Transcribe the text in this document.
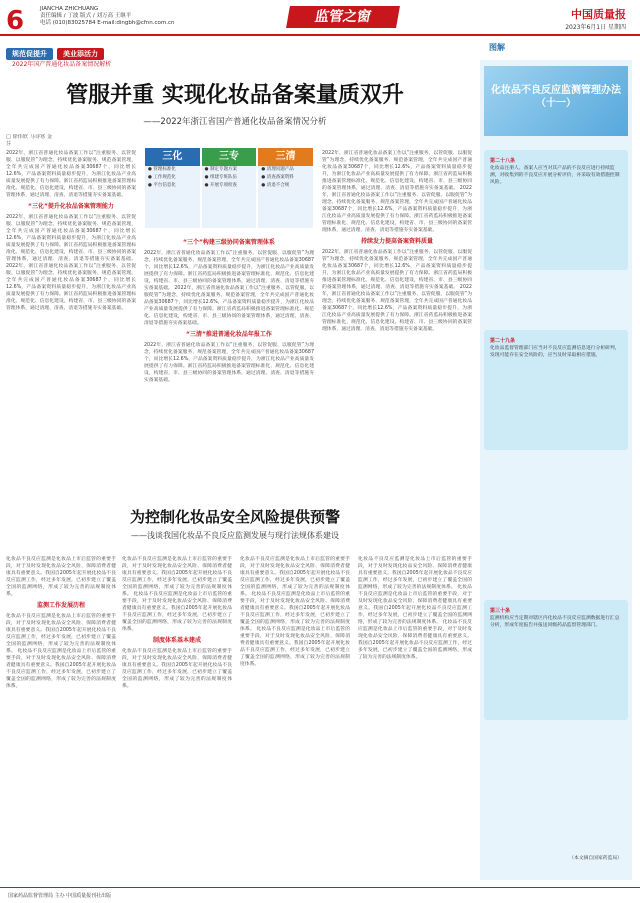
6	JIANCHA ZHICHUANG
责任编辑 / 丁波 版式 / 刘万高 王继平
电话 (010)83025784 E-mail:dingbh@cfnn.com.cn	监管之窗	中国质量报
2023年6月1日 星期四
规范促提升 美业添活力
2022年国产普通化妆品备案情况解析
管服并重 实现化妆品备案量质双升
——2022年浙江省国产普通化妆品备案情况分析
□ 徐伟欣 马诗寒 金芬
2022年，浙江省普通化妆品备案工作以“注重服务、以管促服、以服促管”为理念，持续优化备案服务、规范备案管理，全年共完成国产普通化妆品备案30687个，同比增长12.6%，产品备案资料质量稳步提升，为浙江化妆品产业高质量发展提供了有力保障。浙江省药监局积极推进备案管理标准化、规范化、信息化建设，构建省、市、县三级协同的备案管理体系，通过清理、清查、清退等措施夯实备案基础。
“三化”提升化妆品备案管理能力
2022年，浙江省普通化妆品备案工作以“注重服务、以管促服、以服促管”为理念，持续优化备案服务、规范备案管理，全年共完成国产普通化妆品备案30687个，同比增长12.6%，产品备案资料质量稳步提升，为浙江化妆品产业高质量发展提供了有力保障。浙江省药监局积极推进备案管理标准化、规范化、信息化建设，构建省、市、县三级协同的备案管理体系，通过清理、清查、清退等措施夯实备案基础。 2022年，浙江省普通化妆品备案工作以“注重服务、以管促服、以服促管”为理念，持续优化备案服务、规范备案管理，全年共完成国产普通化妆品备案30687个，同比增长12.6%，产品备案资料质量稳步提升，为浙江化妆品产业高质量发展提供了有力保障。浙江省药监局积极推进备案管理标准化、规范化、信息化建设，构建省、市、县三级协同的备案管理体系，通过清理、清查、清退等措施夯实备案基础。
三化
● 管理标准化
● 工作规范化
● 平台信息化
三专
● 制定专题方案
● 组建专班队伍
● 开展专项检查
三清
● 清理问题产品
● 清查备案资料
● 清退不合规
“三个”构建三级协同备案管理体系
2022年，浙江省普通化妆品备案工作以“注重服务、以管促服、以服促管”为理念，持续优化备案服务、规范备案管理，全年共完成国产普通化妆品备案30687个，同比增长12.6%，产品备案资料质量稳步提升，为浙江化妆品产业高质量发展提供了有力保障。浙江省药监局积极推进备案管理标准化、规范化、信息化建设，构建省、市、县三级协同的备案管理体系，通过清理、清查、清退等措施夯实备案基础。 2022年，浙江省普通化妆品备案工作以“注重服务、以管促服、以服促管”为理念，持续优化备案服务、规范备案管理，全年共完成国产普通化妆品备案30687个，同比增长12.6%，产品备案资料质量稳步提升，为浙江化妆品产业高质量发展提供了有力保障。浙江省药监局积极推进备案管理标准化、规范化、信息化建设，构建省、市、县三级协同的备案管理体系，通过清理、清查、清退等措施夯实备案基础。
“三清”推进普通化妆品年报工作
2022年，浙江省普通化妆品备案工作以“注重服务、以管促服、以服促管”为理念，持续优化备案服务、规范备案管理，全年共完成国产普通化妆品备案30687个，同比增长12.6%，产品备案资料质量稳步提升，为浙江化妆品产业高质量发展提供了有力保障。浙江省药监局积极推进备案管理标准化、规范化、信息化建设，构建省、市、县三级协同的备案管理体系，通过清理、清查、清退等措施夯实备案基础。
2022年，浙江省普通化妆品备案工作以“注重服务、以管促服、以服促管”为理念，持续优化备案服务、规范备案管理，全年共完成国产普通化妆品备案30687个，同比增长12.6%，产品备案资料质量稳步提升，为浙江化妆品产业高质量发展提供了有力保障。浙江省药监局积极推进备案管理标准化、规范化、信息化建设，构建省、市、县三级协同的备案管理体系，通过清理、清查、清退等措施夯实备案基础。 2022年，浙江省普通化妆品备案工作以“注重服务、以管促服、以服促管”为理念，持续优化备案服务、规范备案管理，全年共完成国产普通化妆品备案30687个，同比增长12.6%，产品备案资料质量稳步提升，为浙江化妆品产业高质量发展提供了有力保障。浙江省药监局积极推进备案管理标准化、规范化、信息化建设，构建省、市、县三级协同的备案管理体系，通过清理、清查、清退等措施夯实备案基础。
持续发力提高备案资料质量
2022年，浙江省普通化妆品备案工作以“注重服务、以管促服、以服促管”为理念，持续优化备案服务、规范备案管理，全年共完成国产普通化妆品备案30687个，同比增长12.6%，产品备案资料质量稳步提升，为浙江化妆品产业高质量发展提供了有力保障。浙江省药监局积极推进备案管理标准化、规范化、信息化建设，构建省、市、县三级协同的备案管理体系，通过清理、清查、清退等措施夯实备案基础。 2022年，浙江省普通化妆品备案工作以“注重服务、以管促服、以服促管”为理念，持续优化备案服务、规范备案管理，全年共完成国产普通化妆品备案30687个，同比增长12.6%，产品备案资料质量稳步提升，为浙江化妆品产业高质量发展提供了有力保障。浙江省药监局积极推进备案管理标准化、规范化、信息化建设，构建省、市、县三级协同的备案管理体系，通过清理、清查、清退等措施夯实备案基础。
为控制化妆品安全风险提供预警
——浅谈我国化妆品不良反应监测发展与现行法规体系建设
化妆品不良反应监测是化妆品上市后监管的重要手段，对于及时发现化妆品安全风险、保障消费者健康具有重要意义。我国自2005年起开展化妆品不良反应监测工作，经过多年发展，已初步建立了覆盖全国的监测网络，形成了较为完善的法规制度体系。
监测工作发展历程
化妆品不良反应监测是化妆品上市后监管的重要手段，对于及时发现化妆品安全风险、保障消费者健康具有重要意义。我国自2005年起开展化妆品不良反应监测工作，经过多年发展，已初步建立了覆盖全国的监测网络，形成了较为完善的法规制度体系。 化妆品不良反应监测是化妆品上市后监管的重要手段，对于及时发现化妆品安全风险、保障消费者健康具有重要意义。我国自2005年起开展化妆品不良反应监测工作，经过多年发展，已初步建立了覆盖全国的监测网络，形成了较为完善的法规制度体系。
化妆品不良反应监测是化妆品上市后监管的重要手段，对于及时发现化妆品安全风险、保障消费者健康具有重要意义。我国自2005年起开展化妆品不良反应监测工作，经过多年发展，已初步建立了覆盖全国的监测网络，形成了较为完善的法规制度体系。 化妆品不良反应监测是化妆品上市后监管的重要手段，对于及时发现化妆品安全风险、保障消费者健康具有重要意义。我国自2005年起开展化妆品不良反应监测工作，经过多年发展，已初步建立了覆盖全国的监测网络，形成了较为完善的法规制度体系。
制度体系基本建成
化妆品不良反应监测是化妆品上市后监管的重要手段，对于及时发现化妆品安全风险、保障消费者健康具有重要意义。我国自2005年起开展化妆品不良反应监测工作，经过多年发展，已初步建立了覆盖全国的监测网络，形成了较为完善的法规制度体系。
化妆品不良反应监测是化妆品上市后监管的重要手段，对于及时发现化妆品安全风险、保障消费者健康具有重要意义。我国自2005年起开展化妆品不良反应监测工作，经过多年发展，已初步建立了覆盖全国的监测网络，形成了较为完善的法规制度体系。 化妆品不良反应监测是化妆品上市后监管的重要手段，对于及时发现化妆品安全风险、保障消费者健康具有重要意义。我国自2005年起开展化妆品不良反应监测工作，经过多年发展，已初步建立了覆盖全国的监测网络，形成了较为完善的法规制度体系。 化妆品不良反应监测是化妆品上市后监管的重要手段，对于及时发现化妆品安全风险、保障消费者健康具有重要意义。我国自2005年起开展化妆品不良反应监测工作，经过多年发展，已初步建立了覆盖全国的监测网络，形成了较为完善的法规制度体系。
化妆品不良反应监测是化妆品上市后监管的重要手段，对于及时发现化妆品安全风险、保障消费者健康具有重要意义。我国自2005年起开展化妆品不良反应监测工作，经过多年发展，已初步建立了覆盖全国的监测网络，形成了较为完善的法规制度体系。 化妆品不良反应监测是化妆品上市后监管的重要手段，对于及时发现化妆品安全风险、保障消费者健康具有重要意义。我国自2005年起开展化妆品不良反应监测工作，经过多年发展，已初步建立了覆盖全国的监测网络，形成了较为完善的法规制度体系。 化妆品不良反应监测是化妆品上市后监管的重要手段，对于及时发现化妆品安全风险、保障消费者健康具有重要意义。我国自2005年起开展化妆品不良反应监测工作，经过多年发展，已初步建立了覆盖全国的监测网络，形成了较为完善的法规制度体系。
图解
化妆品不良反应监测管理办法（十一）
第二十八条
化妆品注册人、备案人应当对其产品的不良反应进行持续监测，对收集到的不良反应开展分析评价，并采取有效措施控制风险。
第二十九条
化妆品监督管理部门应当对不良反应监测信息进行分析研判，发现可能存在安全风险的，应当及时采取相应措施。
第三十条
监测机构应当定期对辖区内化妆品不良反应监测数据进行汇总分析，形成年度报告并报送同级药品监督管理部门。
（本文摘自国家药监局）
国家药品监督管理局 主办 中国质量报刊社出版
